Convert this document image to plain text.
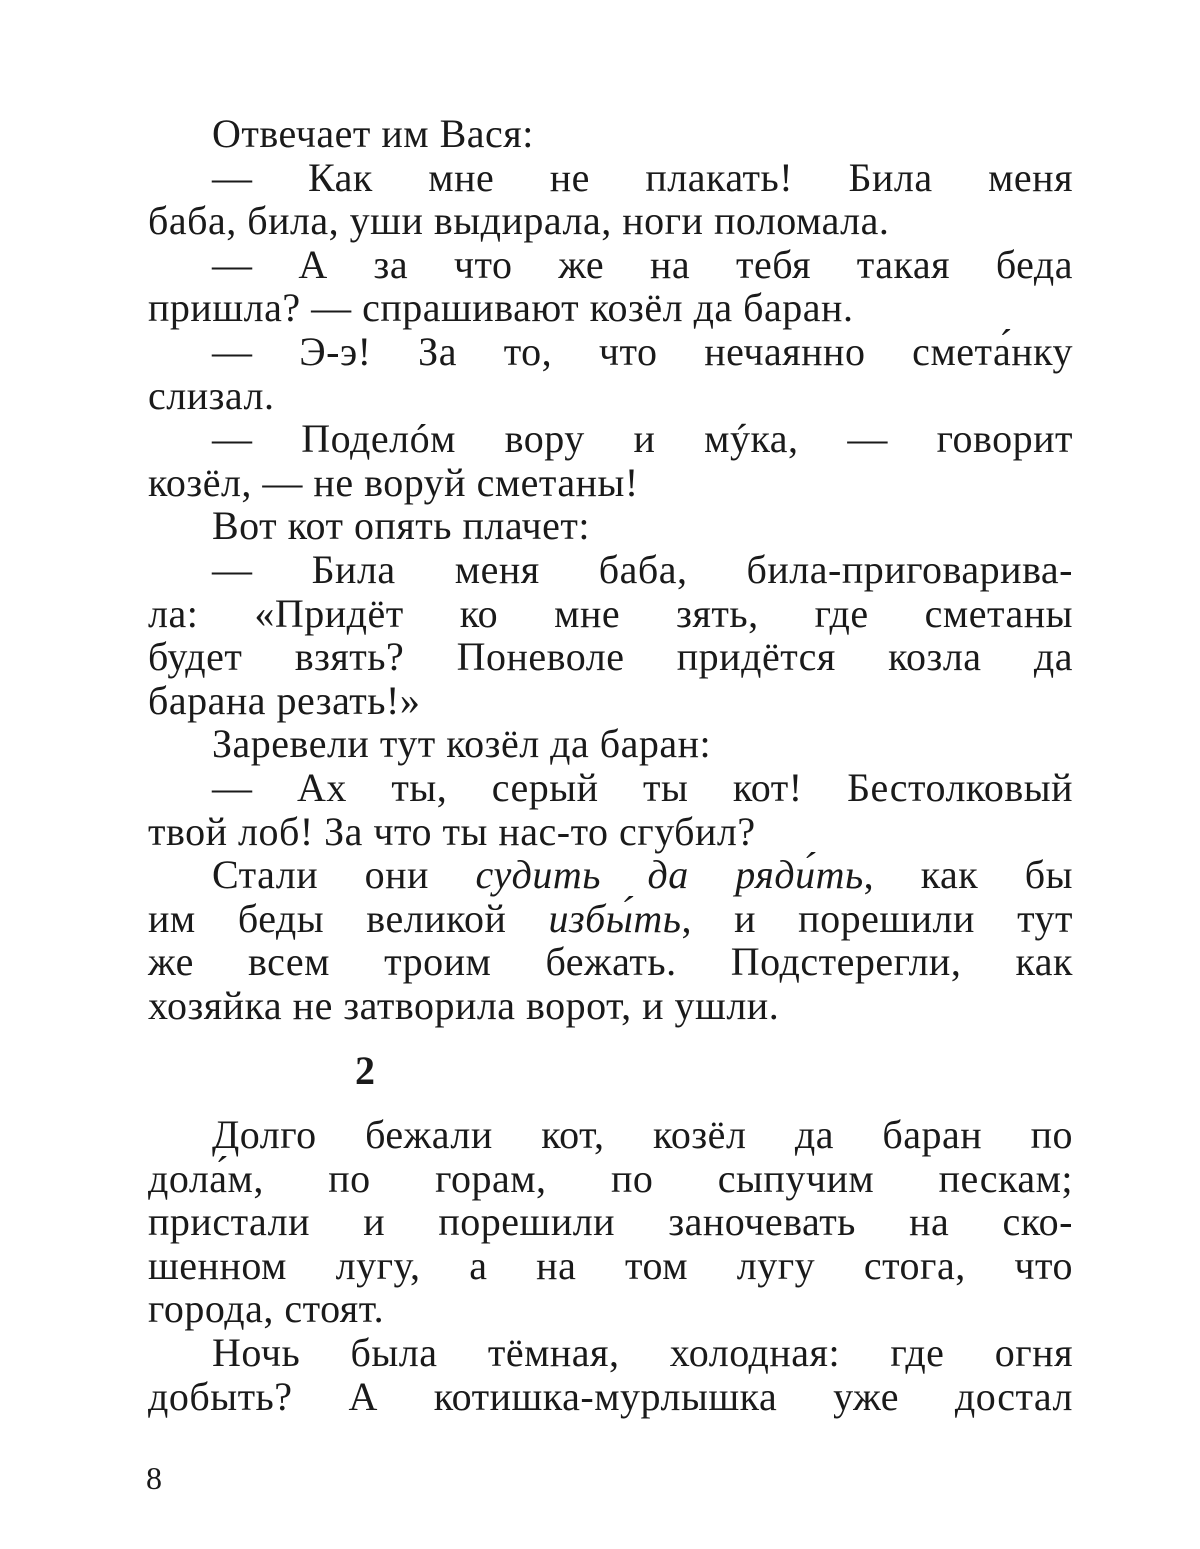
Отвечает им Вася:
— Как мне не плакать! Била меня
баба, била, уши выдирала, ноги поломала.
— А за что же на тебя такая беда
пришла? — спрашивают козёл да баран.
— Э-э! За то, что нечаянно смета́нку
слизал.
— Поделóм вору и мýка, — говорит
козёл, — не воруй сметаны!
Вот кот опять плачет:
— Била меня баба, била-приговарива-
ла: «Придёт ко мне зять, где сметаны
будет взять? Поневоле придётся козла да
барана резать!»
Заревели тут козёл да баран:
— Ах ты, серый ты кот! Бестолковый
твой лоб! За что ты нас-то сгубил?
Стали они судить да ряди́ть, как бы
им беды великой избы́ть, и порешили тут
же всем троим бежать. Подстерегли, как
хозяйка не затворила ворот, и ушли.
2
Долго бежали кот, козёл да баран по
дола́м, по горам, по сыпучим пескам;
пристали и порешили заночевать на ско-
шенном лугу, а на том лугу стога, что
города, стоят.
Ночь была тёмная, холодная: где огня
добыть? А котишка-мурлышка уже достал
8
